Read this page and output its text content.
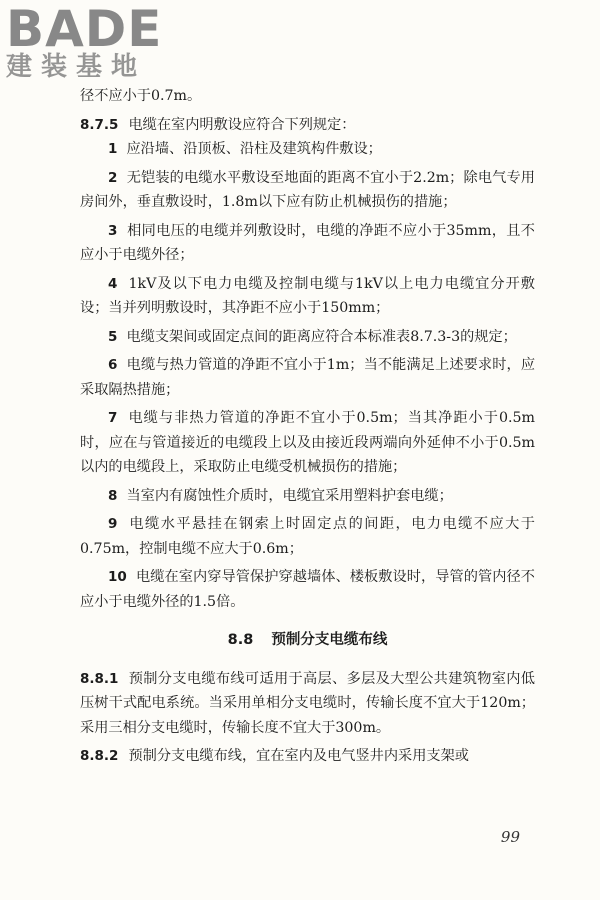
BADE
建装基地

径不应小于0.7m。

8.7.5 电缆在室内明敷设应符合下列规定：

1 应沿墙、沿顶板、沿柱及建筑构件敷设；

2 无铠装的电缆水平敷设至地面的距离不宜小于2.2m；除电气专用房间外，垂直敷设时，1.8m以下应有防止机械损伤的措施；

3 相同电压的电缆并列敷设时，电缆的净距不应小于35mm，且不应小于电缆外径；

4 1kV及以下电力电缆及控制电缆与1kV以上电力电缆宜分开敷设；当并列明敷设时，其净距不应小于150mm；

5 电缆支架间或固定点间的距离应符合本标准表8.7.3-3的规定；

6 电缆与热力管道的净距不宜小于1m；当不能满足上述要求时，应采取隔热措施；

7 电缆与非热力管道的净距不宜小于0.5m；当其净距小于0.5m时，应在与管道接近的电缆段上以及由接近段两端向外延伸不小于0.5m以内的电缆段上，采取防止电缆受机械损伤的措施；

8 当室内有腐蚀性介质时，电缆宜采用塑料护套电缆；

9 电缆水平悬挂在钢索上时固定点的间距，电力电缆不应大于0.75m，控制电缆不应大于0.6m；

10 电缆在室内穿导管保护穿越墙体、楼板敷设时，导管的管内径不应小于电缆外径的1.5倍。

8.8 预制分支电缆布线

8.8.1 预制分支电缆布线可适用于高层、多层及大型公共建筑物室内低压树干式配电系统。当采用单相分支电缆时，传输长度不宜大于120m；采用三相分支电缆时，传输长度不宜大于300m。

8.8.2 预制分支电缆布线，宜在室内及电气竖井内采用支架或

99
